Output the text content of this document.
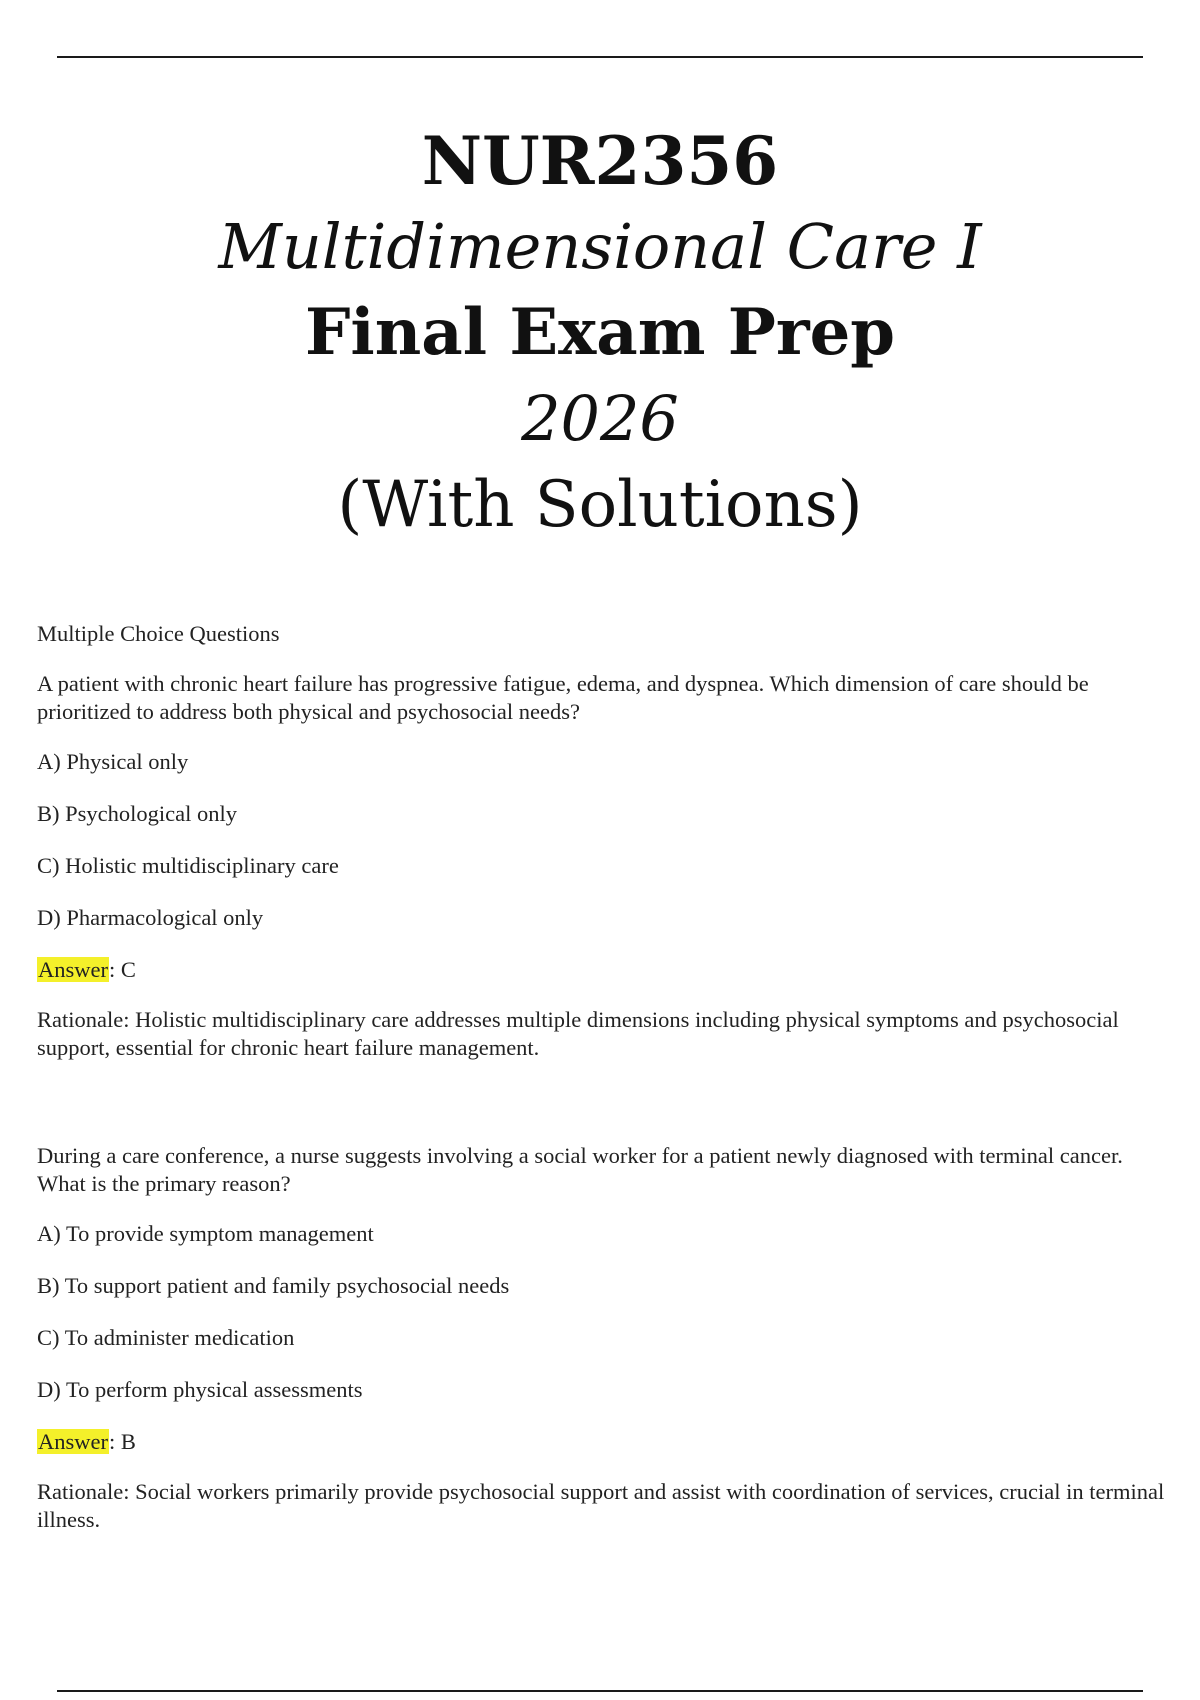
NUR2356
Multidimensional Care I
Final Exam Prep
2026
(With Solutions)

Multiple Choice Questions

A patient with chronic heart failure has progressive fatigue, edema, and dyspnea. Which dimension of care should be prioritized to address both physical and psychosocial needs?

A) Physical only
B) Psychological only
C) Holistic multidisciplinary care
D) Pharmacological only

Answer: C

Rationale: Holistic multidisciplinary care addresses multiple dimensions including physical symptoms and psychosocial support, essential for chronic heart failure management.

During a care conference, a nurse suggests involving a social worker for a patient newly diagnosed with terminal cancer. What is the primary reason?

A) To provide symptom management
B) To support patient and family psychosocial needs
C) To administer medication
D) To perform physical assessments

Answer: B

Rationale: Social workers primarily provide psychosocial support and assist with coordination of services, crucial in terminal illness.
